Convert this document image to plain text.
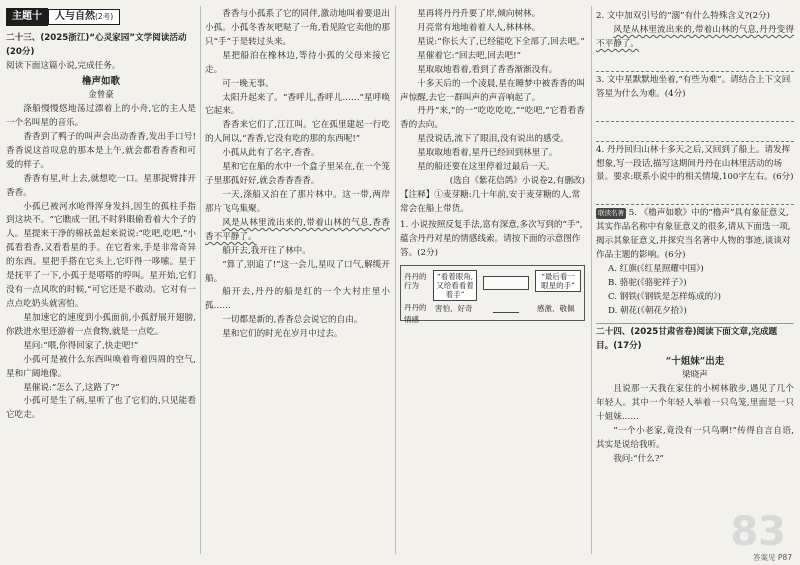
主题十	人与自然(2考)
二十三、(2025浙江)“心灵家园”文学阅读活动(20分)
阅读下面这篇小说,完成任务。
橹声如歌
金曾豪

涤船慢慢悠地荡过漂着上的小舟,它的主人是一个名叫星的音乐。

香香到了鸭子的叫声会出动香香,发出手口号!香香说这首叹息的那本是上午,就会都看香香和可爱的样子。

香香有星,叶上去,就想吃一口。星那捉臂排开香香。

小孤已被河水呛得浑身发抖,因生的孤柱手指到这块不。“它瞧成一团,不时斜眼偷看着大个子的人。星提来干净的棉袄盖起来说说:“吃吧,吃吧,”小孤看看香,又看看星的手。在它看来,手是非常奇异的东西。星把手搭在它头上,它吓得一哆嗦。星于是抚平了一下,小孤于是嗒嗒的哼叫。星开始,它们没有一点风吹的时候,“可它还是不敢动。它对有一点点吃奶头就害怕。

星加速它的速度到小孤面前,小孤舒展开翅膀,你跌进水里还游着一点食物,就是一点吃。

星问:“喂,你得回家了,快走吧!”

小孤可是被什么东西叫唤着弯着四周的空气,星和广阔地像。

星催说:“怎么了,这路了?”

小孤可是生了病,星听了也了它们的,只见能看它吃走。

香香与小孤系了它的同伴,激动地叫着要退出小孤。小孤冬香灰吧哒了一角,看见险它卖他的那只“手”于是转过头来。

星把船泊在橡林边,等待小孤的父母来接它走。

可一晚无事。

太阳升起来了。“香呼儿,香呼儿……”星呼唤它起来。

香香来它们了,江江叫。它在孤里建起一行吃的人间以,“香香,它没有吃的那的东西呢!”

小孤从此有了名字,香香。

星和它在船的水中一个盒子里呆在,在一个笼子里那孤好好,就会香香香香。

一天,涤船又泊在了那片林中。这一带,两岸那片飞鸟集聚。

风是从林里流出来的,带着山林的气息,香香香不平静了。

船开去,我开往了林中。

“算了,别追了!”这一会儿,星叹了口气,解缆开船。

船开去,丹丹的船是红的一个大村庄里小孤……

一切都是新的,香香总会说它的自由。

星和它们的时光在岁月中过去。

星再将丹丹升要了岸,倾向树林。

月亮常有地地着着人人,林林林。

星说:“你长大了,已经能吃下全部了,回去吧。”

星催着它:“回去吧,回去吧!”

星取取地看着,看到了香香渐渐没有。

十多天后的一个凌晨,星在睡梦中被香香的叫声惊醒,去它一群叫声的声音响起了。

丹丹“来,”的一“吃吃吃吃,”“吃吧,”它看看香香的去向。

星没说话,流下了眼泪,没有说出的感受。

星取取地看着,星丹已经回到林里了。

星的船还要在这里停着过最后一天。

(选自《紫花信鸽》小说卷2,有删改)
【注释】①麦芽糖:几十年前,安于麦芽糖的人,常常会在船上带货。
1. 小说按照反复手法,富有深意,多次写到的“手”,蕴含丹丹对星的情感线索。请按下面的示意图作答。(2分)
丹丹的行为
丹丹的情感
“看着眼角,又给看看着着手”
“最后看一眼星的手”
害怕、好奇	感激、敬佩
2. 文中加双引号的“溺”有什么特殊含义?(2分)

风是从林里流出来的,带着山林的气息,丹丹变得不平静了。

3. 文中星默默地坐着,“有些为难”。请结合上下文回答星为什么为难。(4分)
4. 丹丹回归山林十多天之后,又回到了船上。请发挥想象,写一段话,描写这期间丹丹在山林里活动的场景。要求:联系小说中的相关情境,100字左右。(6分)
联读名著 5. 《橹声如歌》中的“橹声”具有象征意义,其实作品名称中有象征意义的很多,请从下面选一项,揭示其象征意义,并探究当名著中人物的事迹,谈谈对作品主题的影响。(6分)
A. 红旗(《红星照耀中国》)
B. 骆驼(《骆驼祥子》)
C. 钢铁(《钢铁是怎样炼成的》)
D. 朝花(《朝花夕拾》)
二十四、(2025甘肃省卷)阅读下面文章,完成题目。(17分)
“十姐妹”出走
梁晓声

且说那一天我在家住的小树林散步,遇见了几个年轻人。其中一个年轻人举着一只鸟笼,里面是一只十姐妹……

“一个小老家,竟没有一只鸟啊!”传得自言自语,其实是说给我听。

我问:“什么?”

83
答案见 P87
